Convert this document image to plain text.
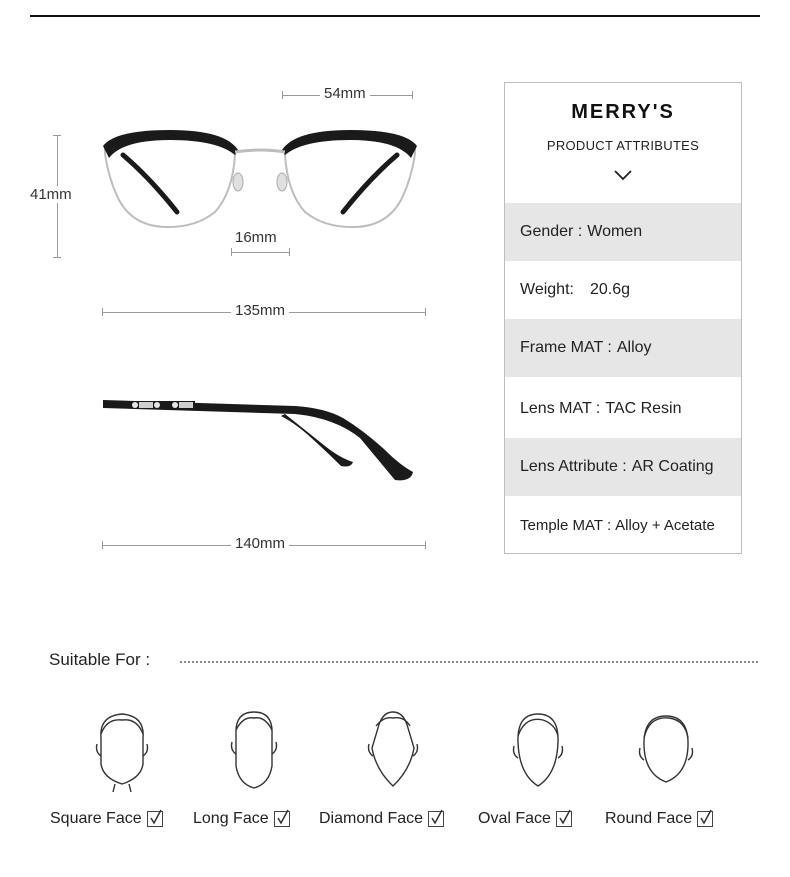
54mm
41mm
16mm
135mm
140mm
MERRY'S
PRODUCT ATTRIBUTES
Gender : Women
Weight:	20.6g
Frame MAT : Alloy
Lens MAT : TAC Resin
Lens Attribute : AR Coating
Temple MAT : Alloy + Acetate
Suitable For :
Square Face	Long Face	Diamond Face	Oval Face	Round Face
